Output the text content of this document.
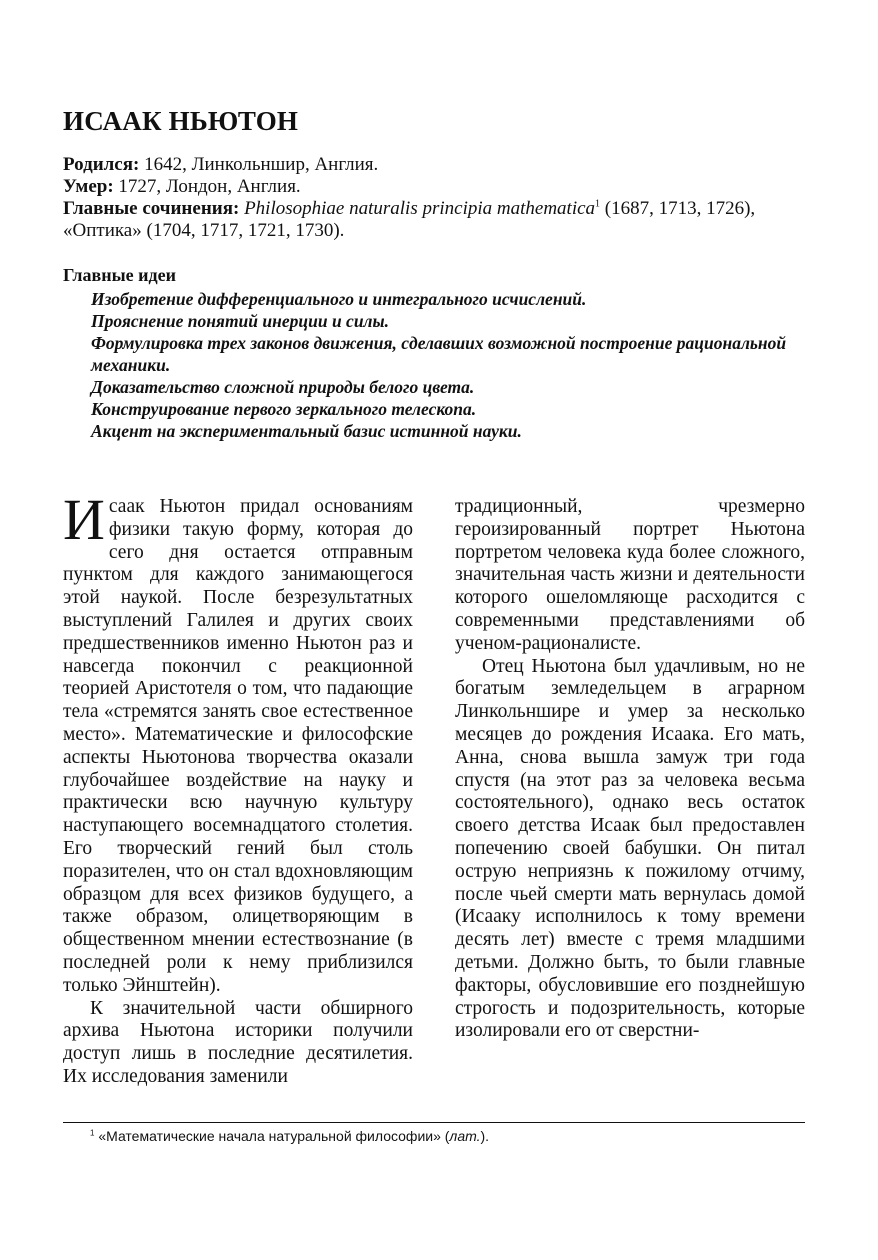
ИСААК НЬЮТОН

Родился: 1642, Линкольншир, Англия.

Умер: 1727, Лондон, Англия.

Главные сочинения: Philosophiae naturalis principia mathematica$^1$ (1687, 1713, 1726), «Оптика» (1704, 1717, 1721, 1730).

Главные идеи
Изобретение дифференциального и интегрального исчислений.
Прояснение понятий инерции и силы.
Формулировка трех законов движения, сделавших возможной построение рациональной механики.
Доказательство сложной природы белого цвета.
Конструирование первого зеркального телескопа.
Акцент на экспериментальный базис истинной науки.

Исаак Ньютон придал основаниям физики такую форму, которая до сего дня остается отправным пунктом для каждого занимающегося этой наукой. После безрезультатных выступлений Галилея и других своих предшественников именно Ньютон раз и навсегда покончил с реакционной теорией Аристотеля о том, что падающие тела «стремятся занять свое естественное место». Математические и философские аспекты Ньютонова творчества оказали глубочайшее воздействие на науку и практически всю научную культуру наступающего восемнадцатого столетия. Его творческий гений был столь поразителен, что он стал вдохновляющим образцом для всех физиков будущего, а также образом, олицетворяющим в общественном мнении естествознание (в последней роли к нему приблизился только Эйнштейн).

К значительной части обширного архива Ньютона историки получили доступ лишь в последние десятилетия. Их исследования заменили

традиционный, чрезмерно героизированный портрет Ньютона портретом человека куда более сложного, значительная часть жизни и деятельности которого ошеломляюще расходится с современными представлениями об ученом-рационалисте.

Отец Ньютона был удачливым, но не богатым земледельцем в аграрном Линкольншире и умер за несколько месяцев до рождения Исаака. Его мать, Анна, снова вышла замуж три года спустя (на этот раз за человека весьма состоятельного), однако весь остаток своего детства Исаак был предоставлен попечению своей бабушки. Он питал острую неприязнь к пожилому отчиму, после чьей смерти мать вернулась домой (Исааку исполнилось к тому времени десять лет) вместе с тремя младшими детьми. Должно быть, то были главные факторы, обусловившие его позднейшую строгость и подозрительность, которые изолировали его от сверстни-

$^1$ «Математические начала натуральной философии» (лат.).
